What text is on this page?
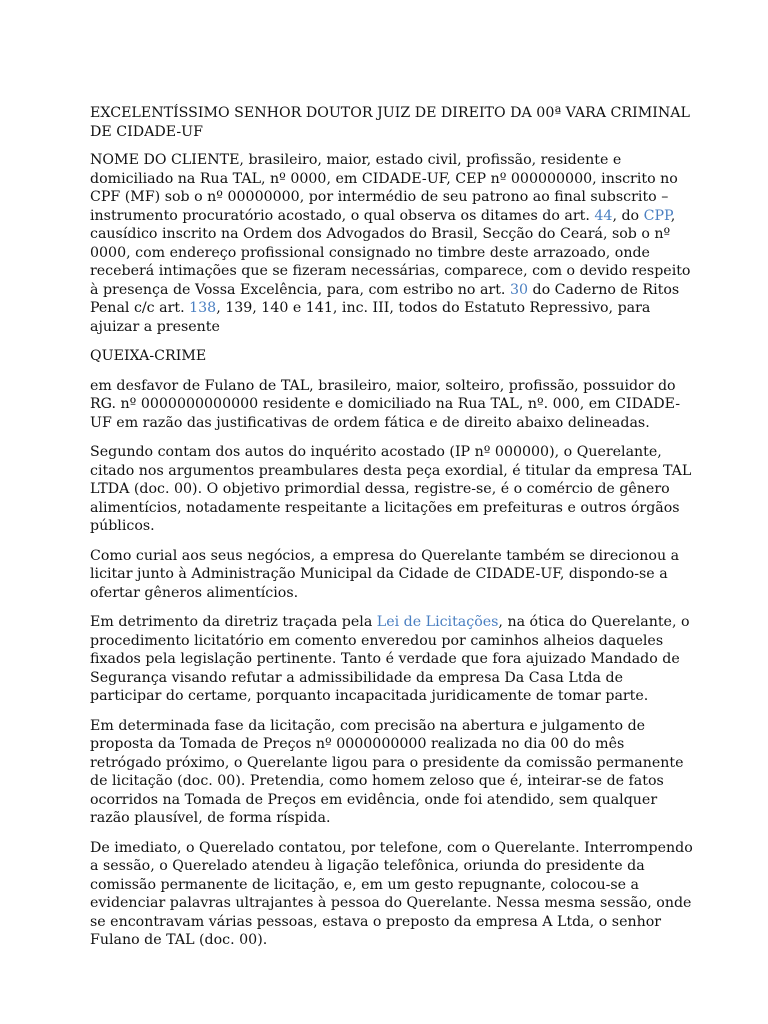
EXCELENTÍSSIMO SENHOR DOUTOR JUIZ DE DIREITO DA 00ª VARA CRIMINAL DE CIDADE-UF

NOME DO CLIENTE, brasileiro, maior, estado civil, profissão, residente e domiciliado na Rua TAL, nº 0000, em CIDADE-UF, CEP nº 000000000, inscrito no CPF (MF) sob o nº 00000000, por intermédio de seu patrono ao final subscrito – instrumento procuratório acostado, o qual observa os ditames do art. 44, do CPP, causídico inscrito na Ordem dos Advogados do Brasil, Secção do Ceará, sob o nº 0000, com endereço profissional consignado no timbre deste arrazoado, onde receberá intimações que se fizeram necessárias, comparece, com o devido respeito à presença de Vossa Excelência, para, com estribo no art. 30 do Caderno de Ritos Penal c/c art. 138, 139, 140 e 141, inc. III, todos do Estatuto Repressivo, para ajuizar a presente

QUEIXA-CRIME

em desfavor de Fulano de TAL, brasileiro, maior, solteiro, profissão, possuidor do RG. nº 0000000000000 residente e domiciliado na Rua TAL, nº. 000, em CIDADE-UF em razão das justificativas de ordem fática e de direito abaixo delineadas.

Segundo contam dos autos do inquérito acostado (IP nº 000000), o Querelante, citado nos argumentos preambulares desta peça exordial, é titular da empresa TAL LTDA (doc. 00). O objetivo primordial dessa, registre-se, é o comércio de gênero alimentícios, notadamente respeitante a licitações em prefeituras e outros órgãos públicos.

Como curial aos seus negócios, a empresa do Querelante também se direcionou a licitar junto à Administração Municipal da Cidade de CIDADE-UF, dispondo-se a ofertar gêneros alimentícios.

Em detrimento da diretriz traçada pela Lei de Licitações, na ótica do Querelante, o procedimento licitatório em comento enveredou por caminhos alheios daqueles fixados pela legislação pertinente. Tanto é verdade que fora ajuizado Mandado de Segurança visando refutar a admissibilidade da empresa Da Casa Ltda de participar do certame, porquanto incapacitada juridicamente de tomar parte.

Em determinada fase da licitação, com precisão na abertura e julgamento de proposta da Tomada de Preços nº 0000000000 realizada no dia 00 do mês retrógado próximo, o Querelante ligou para o presidente da comissão permanente de licitação (doc. 00). Pretendia, como homem zeloso que é, inteirar-se de fatos ocorridos na Tomada de Preços em evidência, onde foi atendido, sem qualquer razão plausível, de forma ríspida.

De imediato, o Querelado contatou, por telefone, com o Querelante. Interrompendo a sessão, o Querelado atendeu à ligação telefônica, oriunda do presidente da comissão permanente de licitação, e, em um gesto repugnante, colocou-se a evidenciar palavras ultrajantes à pessoa do Querelante. Nessa mesma sessão, onde se encontravam várias pessoas, estava o preposto da empresa A Ltda, o senhor Fulano de TAL (doc. 00).
